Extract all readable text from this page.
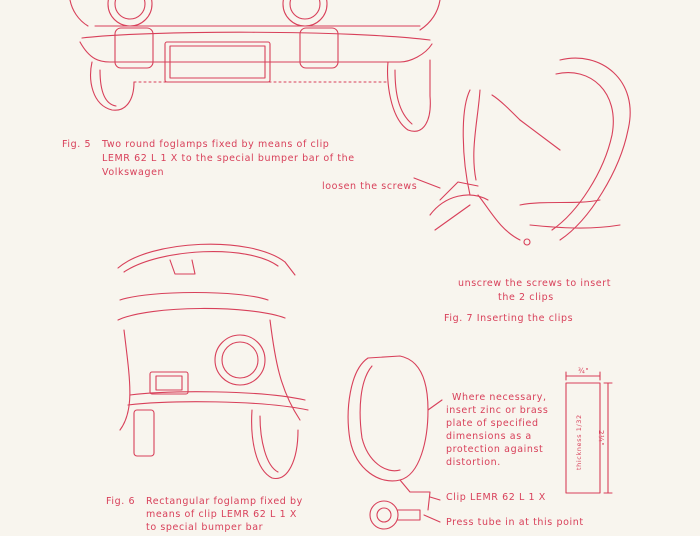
Fig. 5 Two round foglamps fixed by means of clip
LEMR 62 L 1 X to the special bumper bar of the
Volkswagen
loosen the screws
unscrew the screws to insert
the 2 clips
Fig. 7 Inserting the clips
Fig. 6 Rectangular foglamp fixed by
means of clip LEMR 62 L 1 X
to special bumper bar
Where necessary,
insert zinc or brass
plate of specified
dimensions as a
protection against
distortion.
Clip LEMR 62 L 1 X
Press tube in at this point
¾"
2¼"
thickness 1/32
